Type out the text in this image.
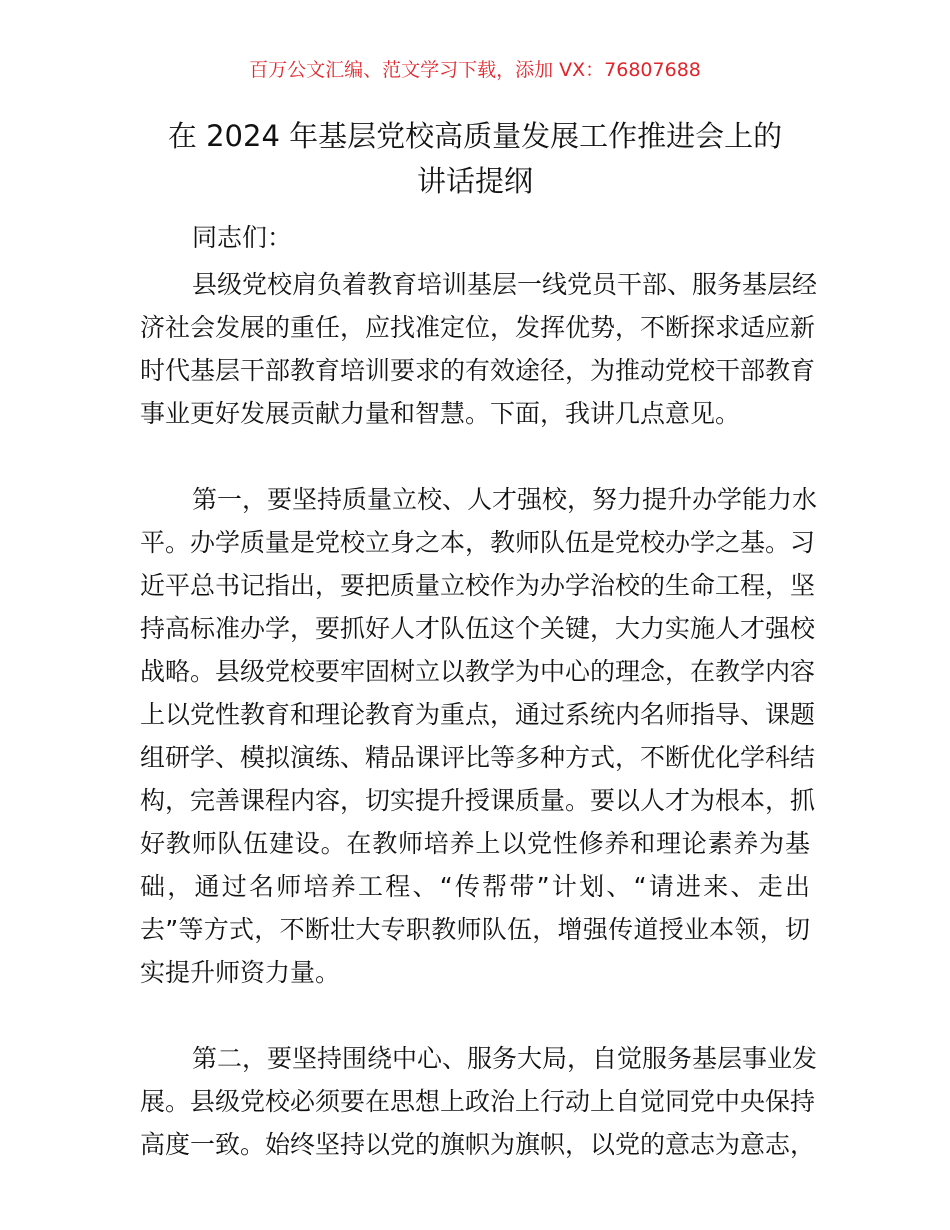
百万公文汇编、范文学习下载，添加 VX：76807688
在 2024 年基层党校高质量发展工作推进会上的
讲话提纲
同志们：
县级党校肩负着教育培训基层一线党员干部、服务基层经
济社会发展的重任，应找准定位，发挥优势，不断探求适应新
时代基层干部教育培训要求的有效途径，为推动党校干部教育
事业更好发展贡献力量和智慧。下面，我讲几点意见。
第一，要坚持质量立校、人才强校，努力提升办学能力水
平。办学质量是党校立身之本，教师队伍是党校办学之基。习
近平总书记指出，要把质量立校作为办学治校的生命工程，坚
持高标准办学，要抓好人才队伍这个关键，大力实施人才强校
战略。县级党校要牢固树立以教学为中心的理念，在教学内容
上以党性教育和理论教育为重点，通过系统内名师指导、课题
组研学、模拟演练、精品课评比等多种方式，不断优化学科结
构，完善课程内容，切实提升授课质量。要以人才为根本，抓
好教师队伍建设。在教师培养上以党性修养和理论素养为基
础，通过名师培养工程、“传帮带”计划、“请进来、走出
去”等方式，不断壮大专职教师队伍，增强传道授业本领，切
实提升师资力量。
第二，要坚持围绕中心、服务大局，自觉服务基层事业发
展。县级党校必须要在思想上政治上行动上自觉同党中央保持
高度一致。始终坚持以党的旗帜为旗帜，以党的意志为意志，
